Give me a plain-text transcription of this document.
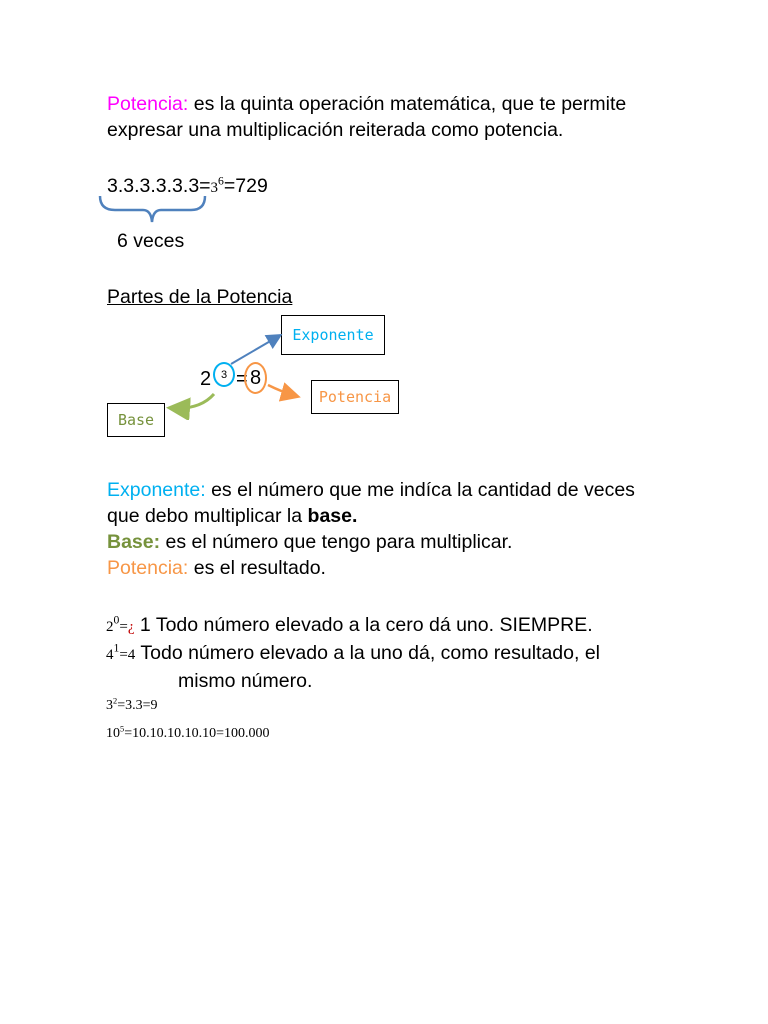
Potencia: es la quinta operación matemática, que te permite
expresar una multiplicación reiterada como potencia.
$3.3.3.3.3.3=3^6=729$
6 veces
Partes de la Potencia
Exponente
Potencia
Base
2 3 = 8
Exponente: es el número que me indíca la cantidad de veces
que debo multiplicar la base.
Base: es el número que tengo para multiplicar.
Potencia: es el resultado.
$2^0=¿$ 1 Todo número elevado a la cero dá uno. SIEMPRE.
$4^1=4$ Todo número elevado a la uno dá, como resultado, el
mismo número.
$3^2=3.3=9$
$10^5=10.10.10.10.10=100.000$
